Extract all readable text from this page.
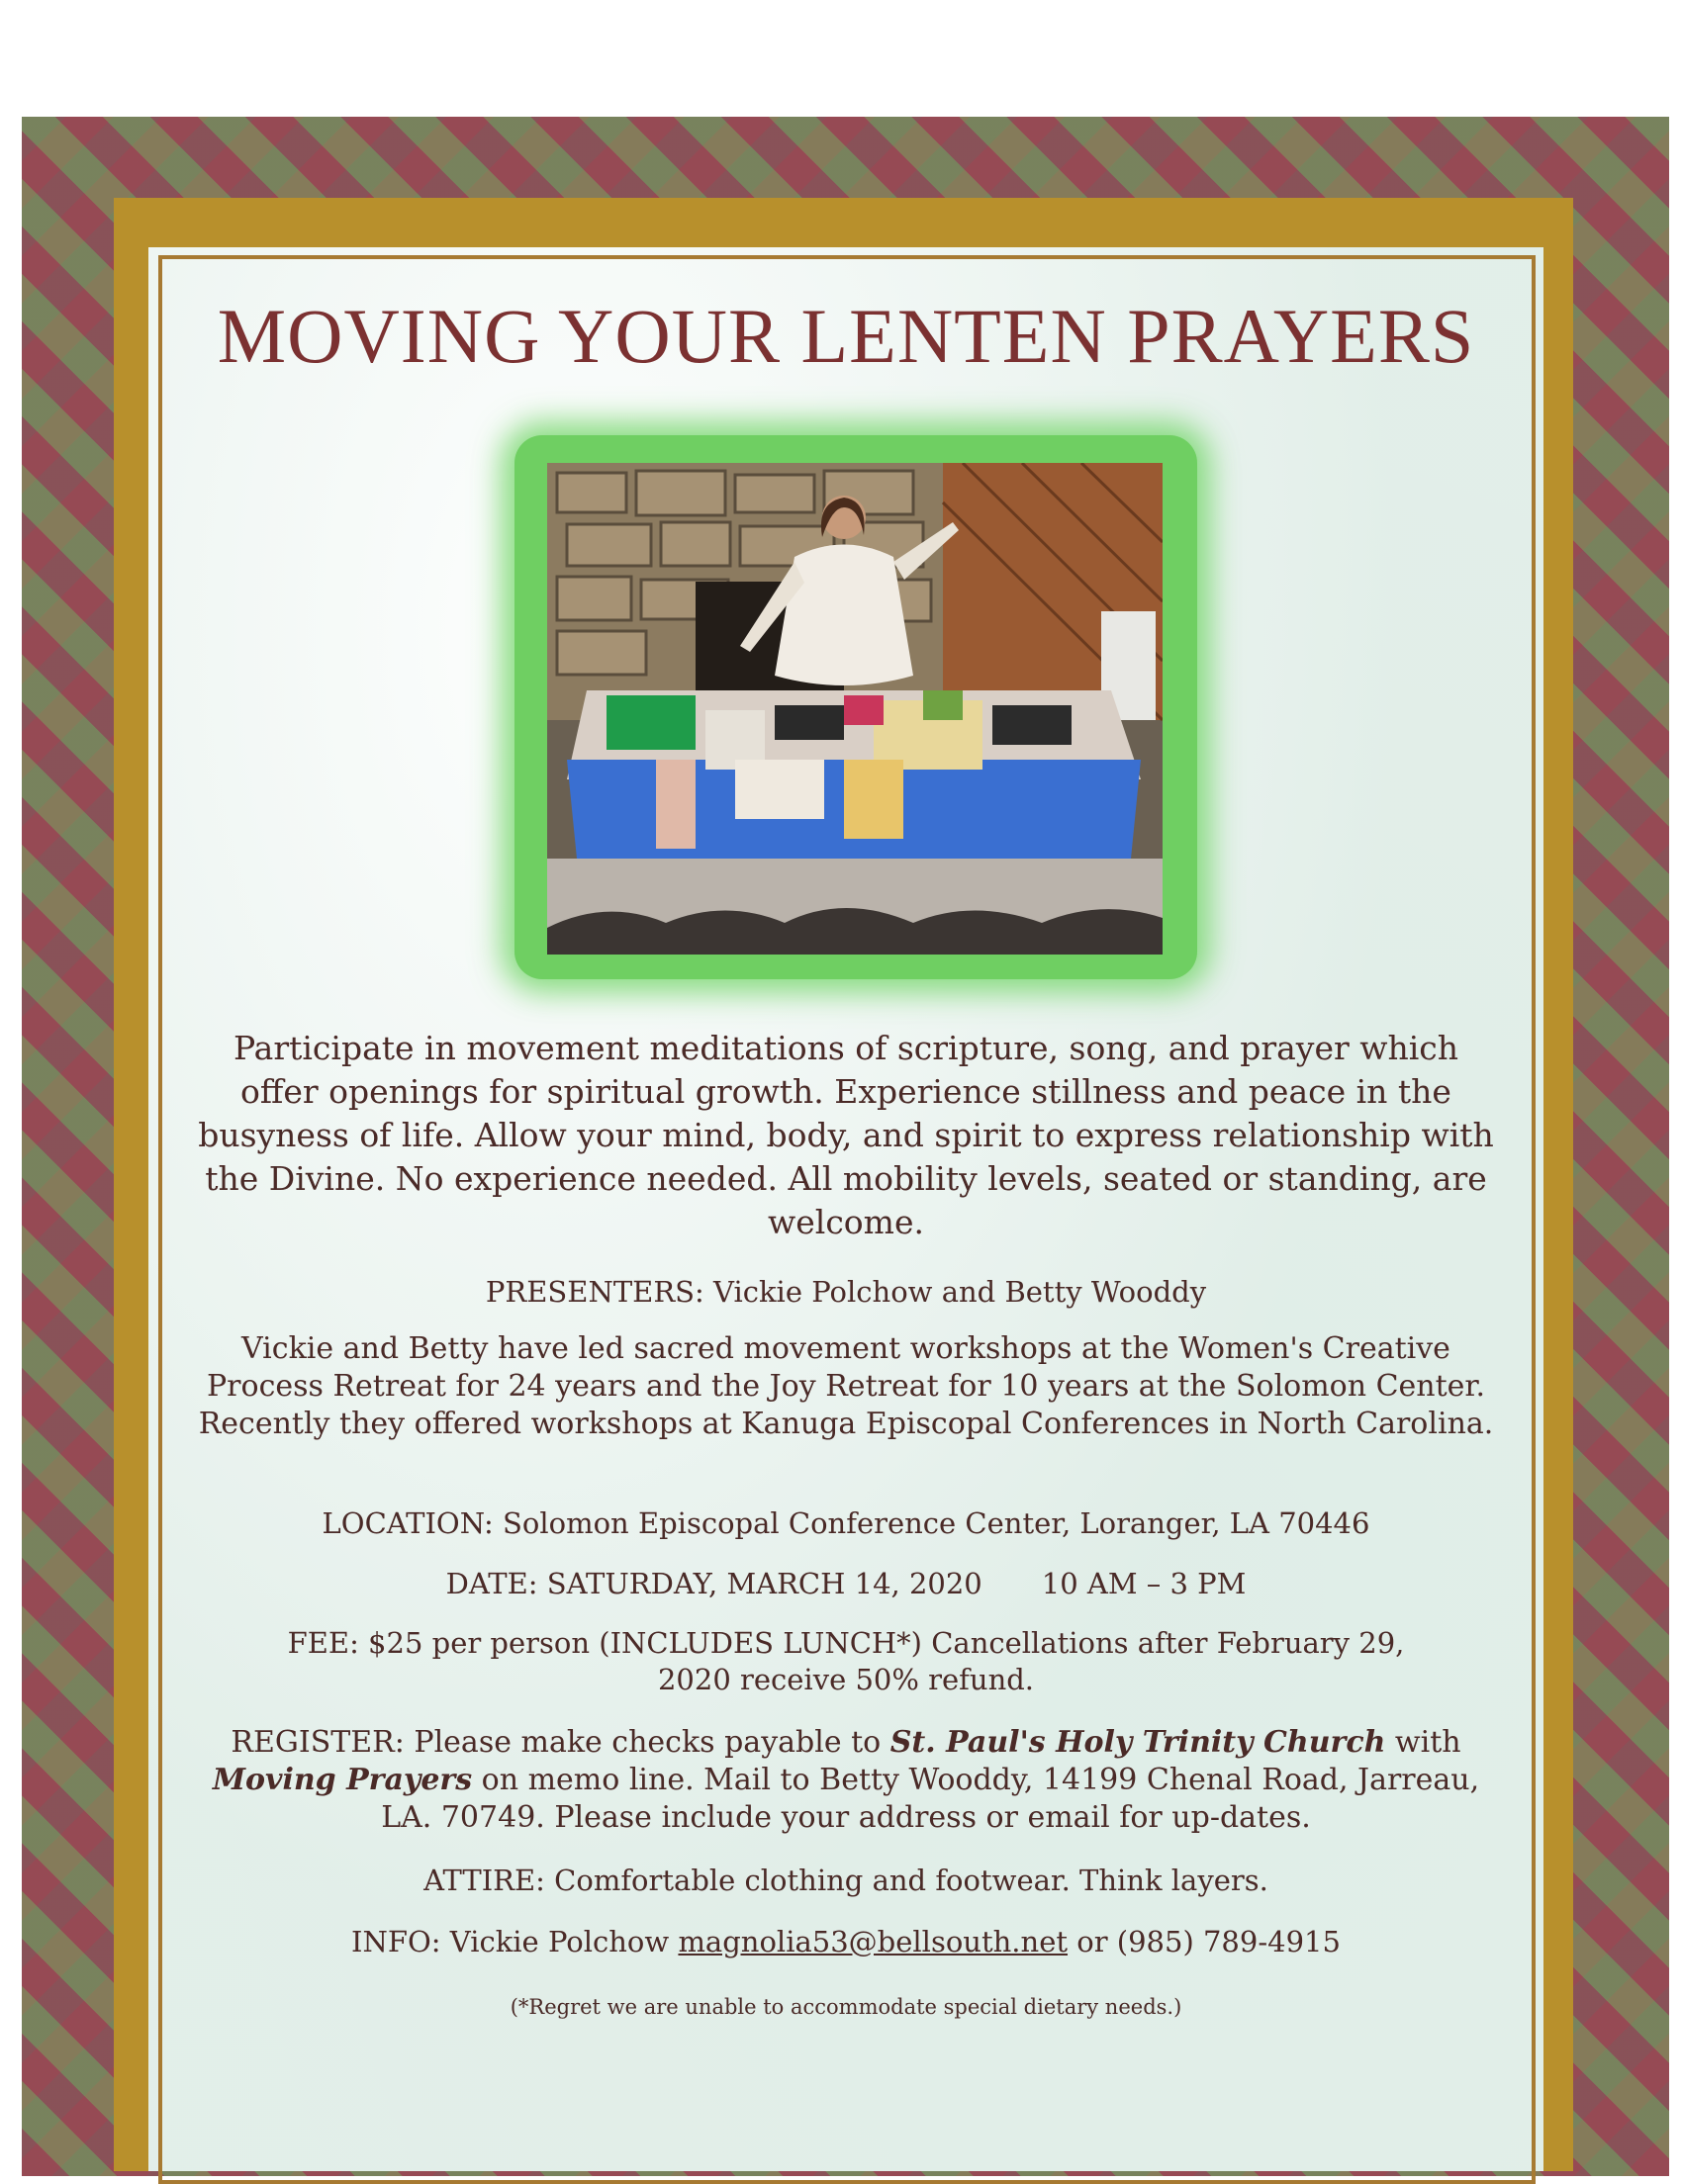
MOVING YOUR LENTEN PRAYERS

Participate in movement meditations of scripture, song, and prayer which offer openings for spiritual growth. Experience stillness and peace in the busyness of life. Allow your mind, body, and spirit to express relationship with the Divine. No experience needed. All mobility levels, seated or standing, are welcome.

PRESENTERS: Vickie Polchow and Betty Wooddy

Vickie and Betty have led sacred movement workshops at the Women's Creative Process Retreat for 24 years and the Joy Retreat for 10 years at the Solomon Center. Recently they offered workshops at Kanuga Episcopal Conferences in North Carolina.

LOCATION: Solomon Episcopal Conference Center, Loranger, LA 70446

DATE: SATURDAY, MARCH 14, 2020 10 AM – 3 PM

FEE: $25 per person (INCLUDES LUNCH*) Cancellations after February 29, 2020 receive 50% refund.

REGISTER: Please make checks payable to St. Paul's Holy Trinity Church with Moving Prayers on memo line. Mail to Betty Wooddy, 14199 Chenal Road, Jarreau, LA. 70749. Please include your address or email for up-dates.

ATTIRE: Comfortable clothing and footwear. Think layers.

INFO: Vickie Polchow magnolia53@bellsouth.net or (985) 789-4915

(*Regret we are unable to accommodate special dietary needs.)
